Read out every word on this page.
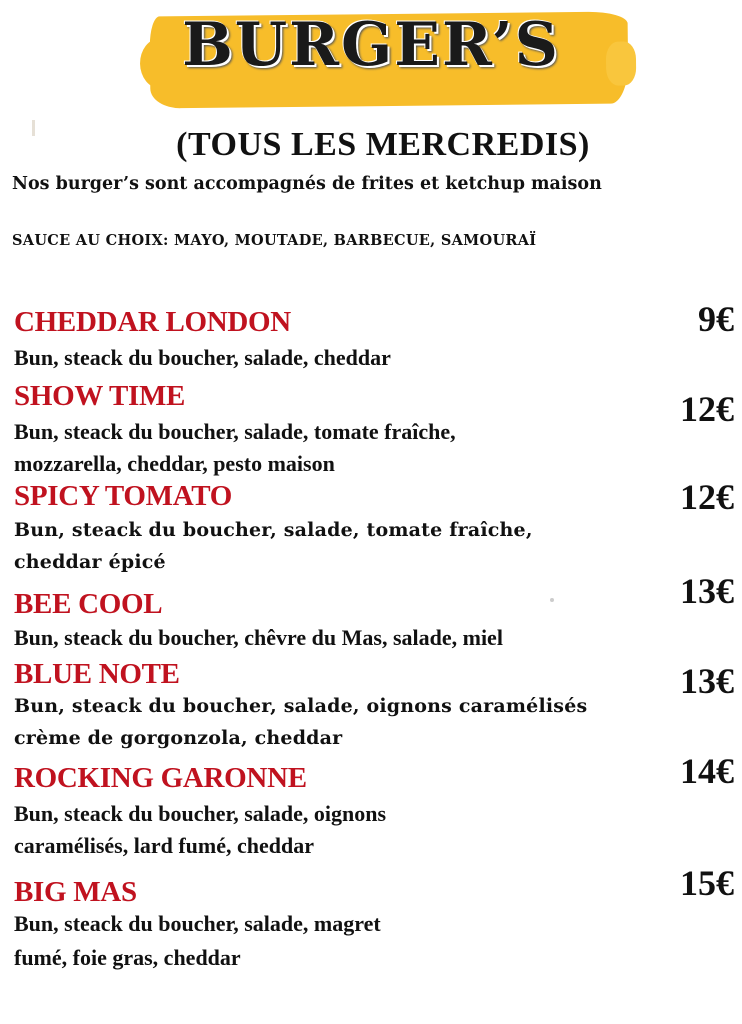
BURGER’S
(TOUS LES MERCREDIS)
Nos burger’s sont accompagnés de frites et ketchup maison
SAUCE AU CHOIX: MAYO, MOUTADE, BARBECUE, SAMOURAÏ
CHEDDAR LONDON	9€
Bun, steack du boucher, salade, cheddar
SHOW TIME	12€
Bun, steack du boucher, salade, tomate fraîche,
mozzarella, cheddar, pesto maison
SPICY TOMATO	12€
Bun, steack du boucher, salade, tomate fraîche,
cheddar épicé
BEE COOL	13€
Bun, steack du boucher, chêvre du Mas, salade, miel
BLUE NOTE	13€
Bun, steack du boucher, salade, oignons caramélisés
crème de gorgonzola, cheddar
ROCKING GARONNE	14€
Bun, steack du boucher, salade, oignons
caramélisés, lard fumé, cheddar
BIG MAS	15€
Bun, steack du boucher, salade, magret
fumé, foie gras, cheddar
